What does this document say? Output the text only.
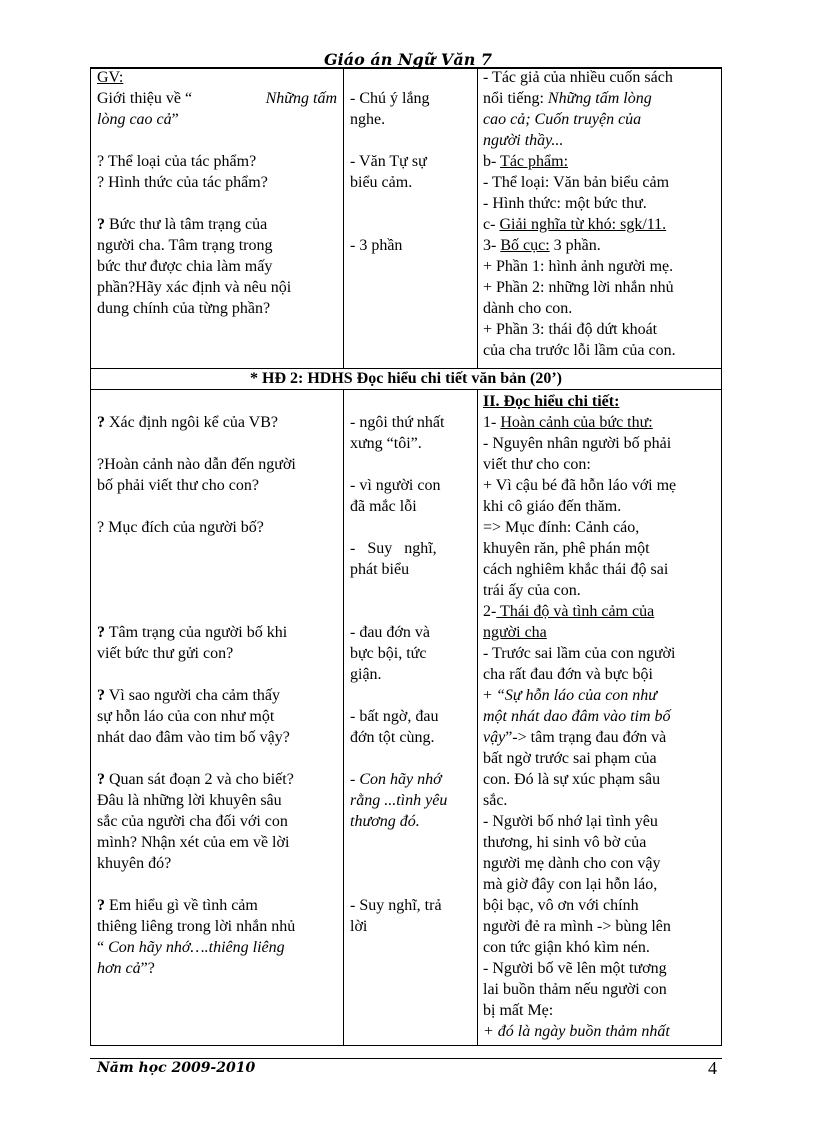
Giáo án Ngữ Văn 7
GV:
Giới thiệu về “	Những tấm
lòng cao cả”
? Thể loại của tác phẩm?
? Hình thức của tác phẩm?
? Bức thư là tâm trạng của
người cha. Tâm trạng trong
bức thư được chia làm mấy
phần?Hãy xác định và nêu nội
dung chính của từng phần?
- Chú ý lắng
nghe.
- Văn Tự sự
biểu cảm.
- 3 phần
- Tác giả của nhiều cuốn sách
nổi tiếng: Những tấm lòng
cao cả; Cuốn truyện của
người thầy...
b- Tác phẩm:
- Thể loại: Văn bản biểu cảm
- Hình thức: một bức thư.
c- Giải nghĩa từ khó: sgk/11.
3- Bố cục: 3 phần.
+ Phần 1: hình ảnh người mẹ.
+ Phần 2: những lời nhắn nhủ
dành cho con.
+ Phần 3: thái độ dứt khoát
của cha trước lỗi lầm của con.
* HĐ 2: HDHS Đọc hiểu chi tiết văn bản (20’)
? Xác định ngôi kể của VB?
?Hoàn cảnh nào dẫn đến người
bố phải viết thư cho con?
? Mục đích của người bố?
? Tâm trạng của người bố khi
viết bức thư gửi con?
? Vì sao người cha cảm thấy
sự hỗn láo của con như một
nhát dao đâm vào tim bố vậy?
? Quan sát đoạn 2 và cho biết?
Đâu là những lời khuyên sâu
sắc của người cha đối với con
mình? Nhận xét của em về lời
khuyên đó?
? Em hiểu gì về tình cảm
thiêng liêng trong lời nhắn nhủ
“ Con hãy nhớ….thiêng liêng
hơn cả”?
- ngôi thứ nhất
xưng “tôi”.
- vì người con
đã mắc lỗi
-   Suy   nghĩ,
phát biểu
- đau đớn và
bực bội, tức
giận.
- bất ngờ, đau
đớn tột cùng.
- Con hãy nhớ
rằng ...tình yêu
thương đó.
- Suy nghĩ, trả
lời
II. Đọc hiểu chi tiết:
1- Hoàn cảnh của bức thư:
- Nguyên nhân người bố phải
viết thư cho con:
+ Vì cậu bé đã hỗn láo với mẹ
khi cô giáo đến thăm.
=> Mục đính: Cảnh cáo,
khuyên răn, phê phán một
cách nghiêm khắc thái độ sai
trái ấy của con.
2- Thái độ và tình cảm của
người cha
- Trước sai lầm của con người
cha rất đau đớn và bực bội
+ “Sự hỗn láo của con như
một nhát dao đâm vào tim bố
vậy”-> tâm trạng đau đớn và
bất ngờ trước sai phạm của
con. Đó là sự xúc phạm sâu
sắc.
- Người bố nhớ lại tình yêu
thương, hi sinh vô bờ của
người mẹ dành cho con vậy
mà giờ đây con lại hỗn láo,
bội bạc, vô ơn với chính
người đẻ ra mình -> bùng lên
con tức giận khó kìm nén.
- Người bố vẽ lên một tương
lai buồn thảm nếu người con
bị mất Mẹ:
+ đó là ngày buồn thảm nhất
Năm học 2009-2010	4
